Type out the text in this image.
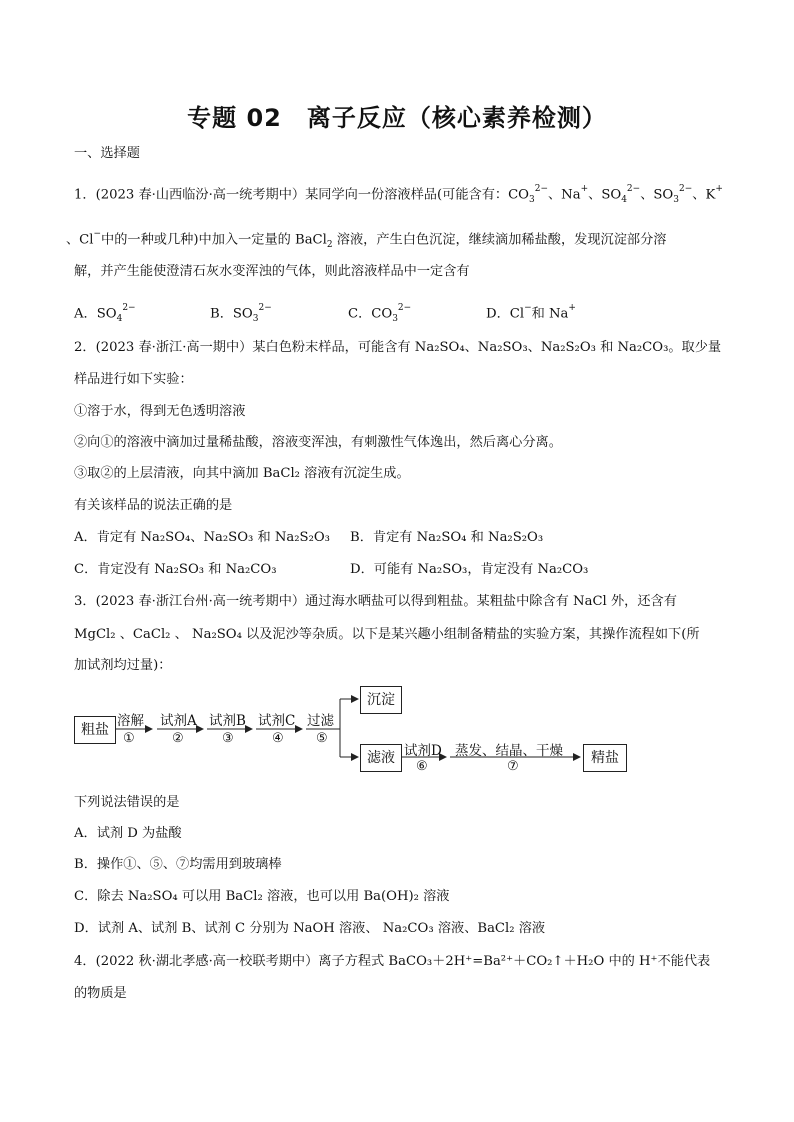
专题 02　离子反应（核心素养检测）
一、选择题
1．(2023 春·山西临汾·高一统考期中）某同学向一份溶液样品(可能含有：$CO_3^{2-}$、Na+、$SO_4^{2-}$、$SO_3^{2-}$、K+
、Cl−中的一种或几种)中加入一定量的 BaCl$_2$ 溶液，产生白色沉淀，继续滴加稀盐酸，发现沉淀部分溶
解，并产生能使澄清石灰水变浑浊的气体，则此溶液样品中一定含有
A．$SO_4^{2-}$	B．$SO_3^{2-}$	C．$CO_3^{2-}$	D．Cl−和 Na+
2．(2023 春·浙江·高一期中）某白色粉末样品，可能含有 Na₂SO₄、Na₂SO₃、Na₂S₂O₃ 和 Na₂CO₃。取少量
样品进行如下实验：
①溶于水，得到无色透明溶液
②向①的溶液中滴加过量稀盐酸，溶液变浑浊，有刺激性气体逸出，然后离心分离。
③取②的上层清液，向其中滴加 BaCl₂ 溶液有沉淀生成。
有关该样品的说法正确的是
A．肯定有 Na₂SO₄、Na₂SO₃ 和 Na₂S₂O₃ B．肯定有 Na₂SO₄ 和 Na₂S₂O₃
C．肯定没有 Na₂SO₃ 和 Na₂CO₃	D．可能有 Na₂SO₃，肯定没有 Na₂CO₃
3．(2023 春·浙江台州·高一统考期中）通过海水晒盐可以得到粗盐。某粗盐中除含有 NaCl 外，还含有
MgCl₂ 、CaCl₂ 、 Na₂SO₄ 以及泥沙等杂质。以下是某兴趣小组制备精盐的实验方案，其操作流程如下(所
加试剂均过量)：
粗盐
溶解
①
试剂A
②
试剂B
③
试剂C
④
过滤
⑤
沉淀
滤液 试剂D
⑥
蒸发、结晶、干燥
⑦
精盐
下列说法错误的是
A．试剂 D 为盐酸
B．操作①、⑤、⑦均需用到玻璃棒
C．除去 Na₂SO₄ 可以用 BaCl₂ 溶液，也可以用 Ba(OH)₂ 溶液
D．试剂 A、试剂 B、试剂 C 分别为 NaOH 溶液、 Na₂CO₃ 溶液、BaCl₂ 溶液
4．(2022 秋·湖北孝感·高一校联考期中）离子方程式 BaCO₃＋2H⁺=Ba²⁺＋CO₂↑＋H₂O 中的 H⁺不能代表
的物质是
